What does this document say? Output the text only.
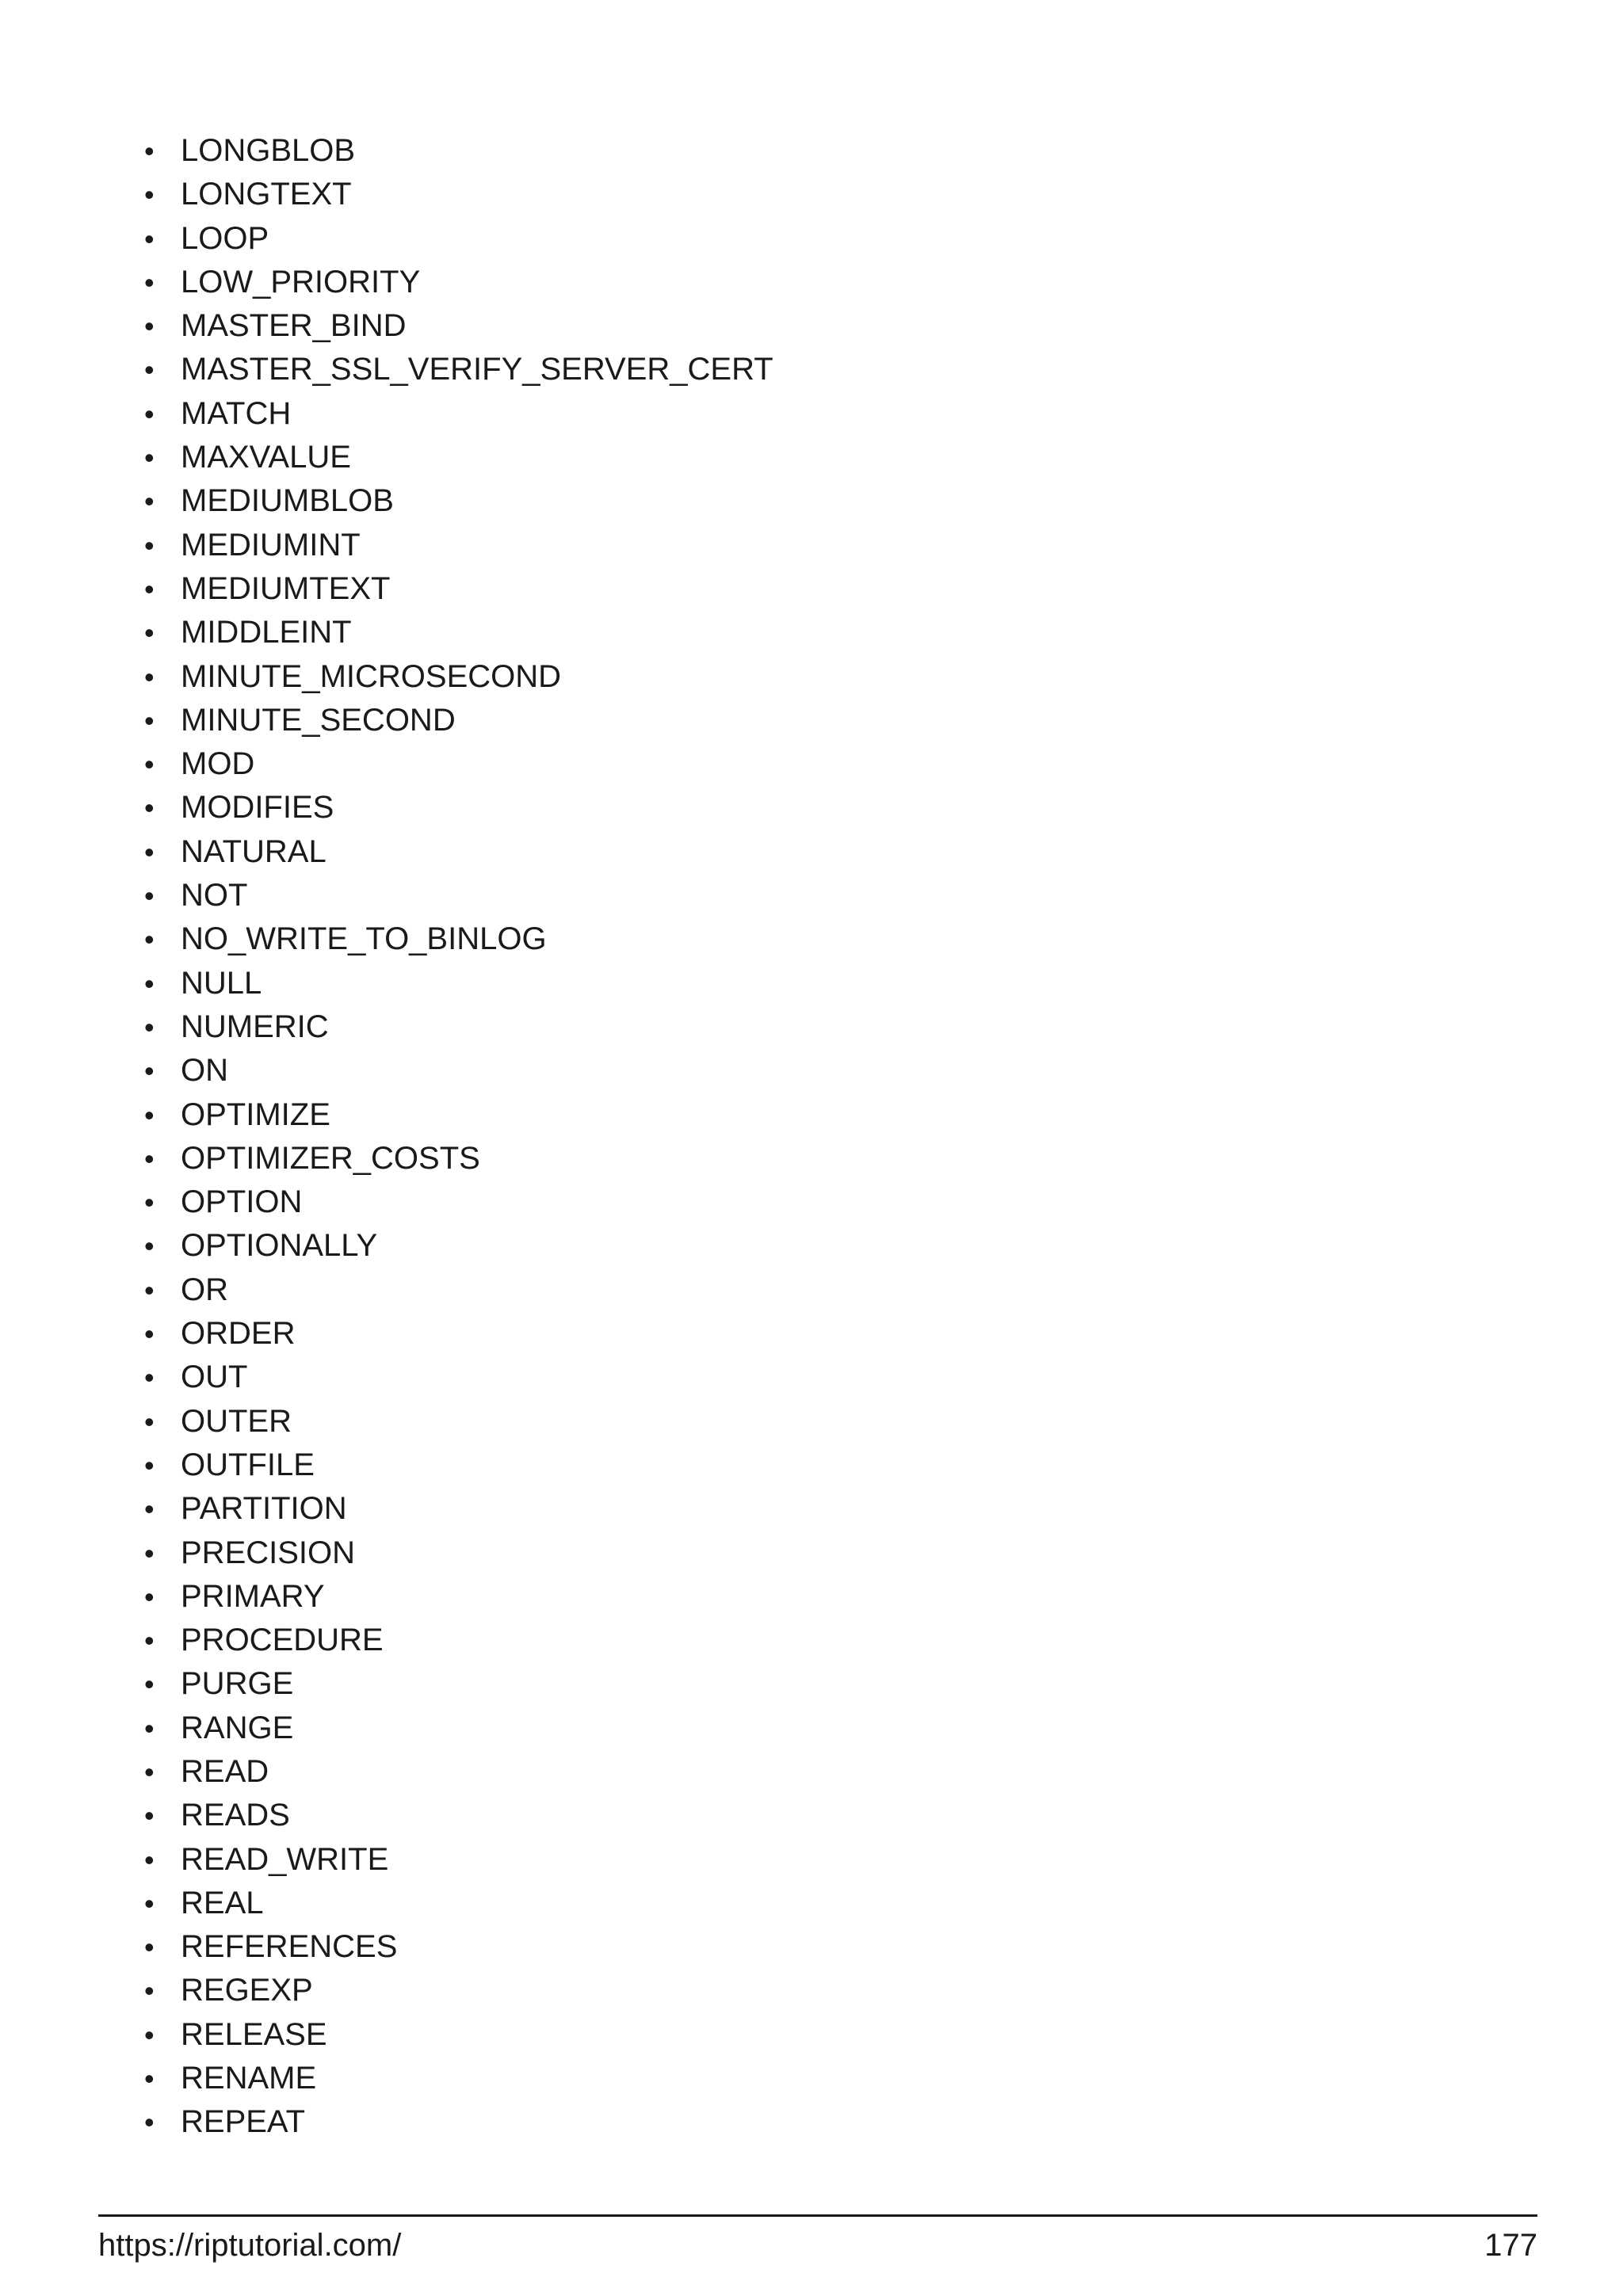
• LONGBLOB
• LONGTEXT
• LOOP
• LOW_PRIORITY
• MASTER_BIND
• MASTER_SSL_VERIFY_SERVER_CERT
• MATCH
• MAXVALUE
• MEDIUMBLOB
• MEDIUMINT
• MEDIUMTEXT
• MIDDLEINT
• MINUTE_MICROSECOND
• MINUTE_SECOND
• MOD
• MODIFIES
• NATURAL
• NOT
• NO_WRITE_TO_BINLOG
• NULL
• NUMERIC
• ON
• OPTIMIZE
• OPTIMIZER_COSTS
• OPTION
• OPTIONALLY
• OR
• ORDER
• OUT
• OUTER
• OUTFILE
• PARTITION
• PRECISION
• PRIMARY
• PROCEDURE
• PURGE
• RANGE
• READ
• READS
• READ_WRITE
• REAL
• REFERENCES
• REGEXP
• RELEASE
• RENAME
• REPEAT
https://riptutorial.com/	177
